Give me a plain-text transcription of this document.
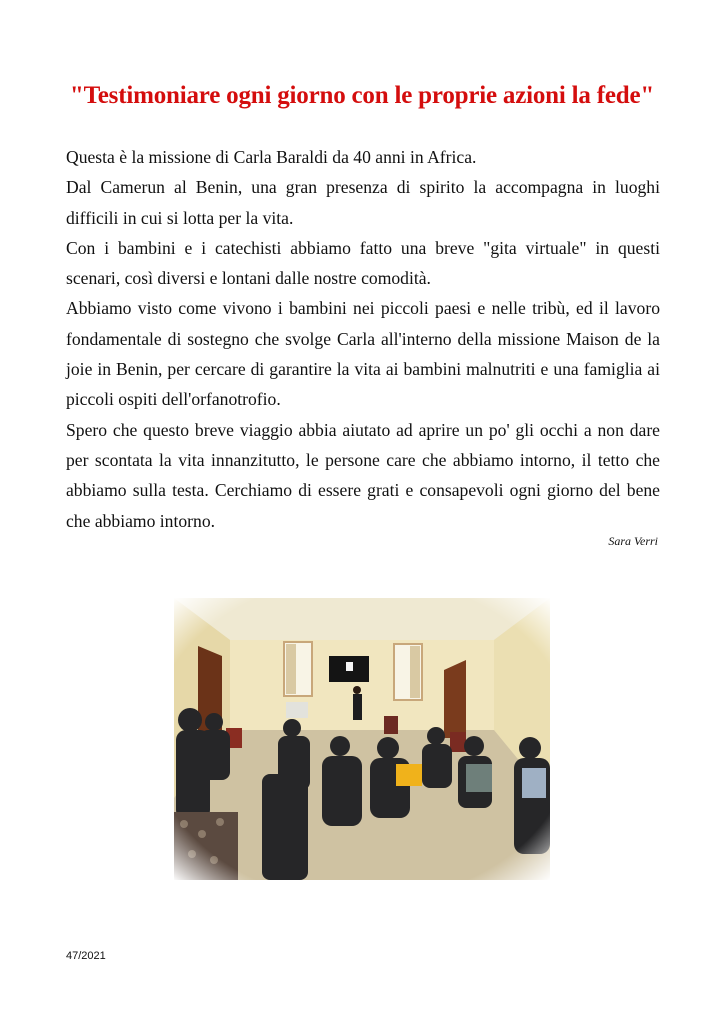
"Testimoniare ogni giorno con le proprie azioni la fede"

Questa è la missione di Carla Baraldi da 40 anni in Africa.

Dal Camerun al Benin, una gran presenza di spirito la accompagna in luoghi difficili in cui si lotta per la vita.

Con i bambini e i catechisti abbiamo fatto una breve "gita virtuale" in questi scenari, così diversi e lontani dalle nostre comodità.

Abbiamo visto come vivono i bambini nei piccoli paesi e nelle tribù, ed il lavoro fondamentale di sostegno che svolge Carla all'interno della missione Maison de la joie in Benin, per cercare di garantire la vita ai bambini malnutriti e una famiglia ai piccoli ospiti dell'orfanotrofio.

Spero che questo breve viaggio abbia aiutato ad aprire un po' gli occhi a non dare per scontata la vita innanzitutto, le persone care che abbiamo intorno, il tetto che abbiamo sulla testa. Cerchiamo di essere grati e consapevoli ogni giorno del bene che abbiamo intorno.

Sara Verri
47/2021
